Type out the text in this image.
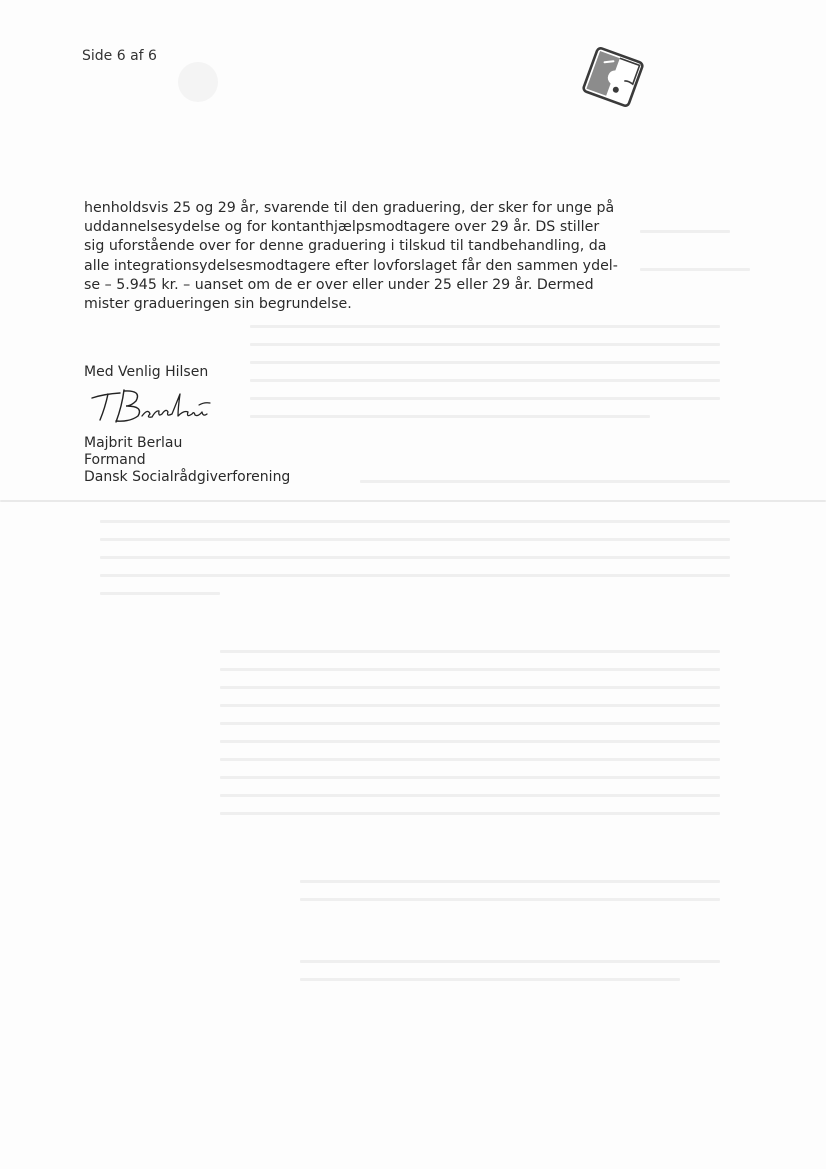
Side 6 af 6
henholdsvis 25 og 29 år, svarende til den graduering, der sker for unge på
uddannelsesydelse og for kontanthjælpsmodtagere over 29 år. DS stiller
sig uforstående over for denne graduering i tilskud til tandbehandling, da
alle integrationsydelsesmodtagere efter lovforslaget får den sammen ydel-
se – 5.945 kr. – uanset om de er over eller under 25 eller 29 år. Dermed
mister gradueringen sin begrundelse.
Med Venlig Hilsen
Majbrit Berlau
Formand
Dansk Socialrådgiverforening
